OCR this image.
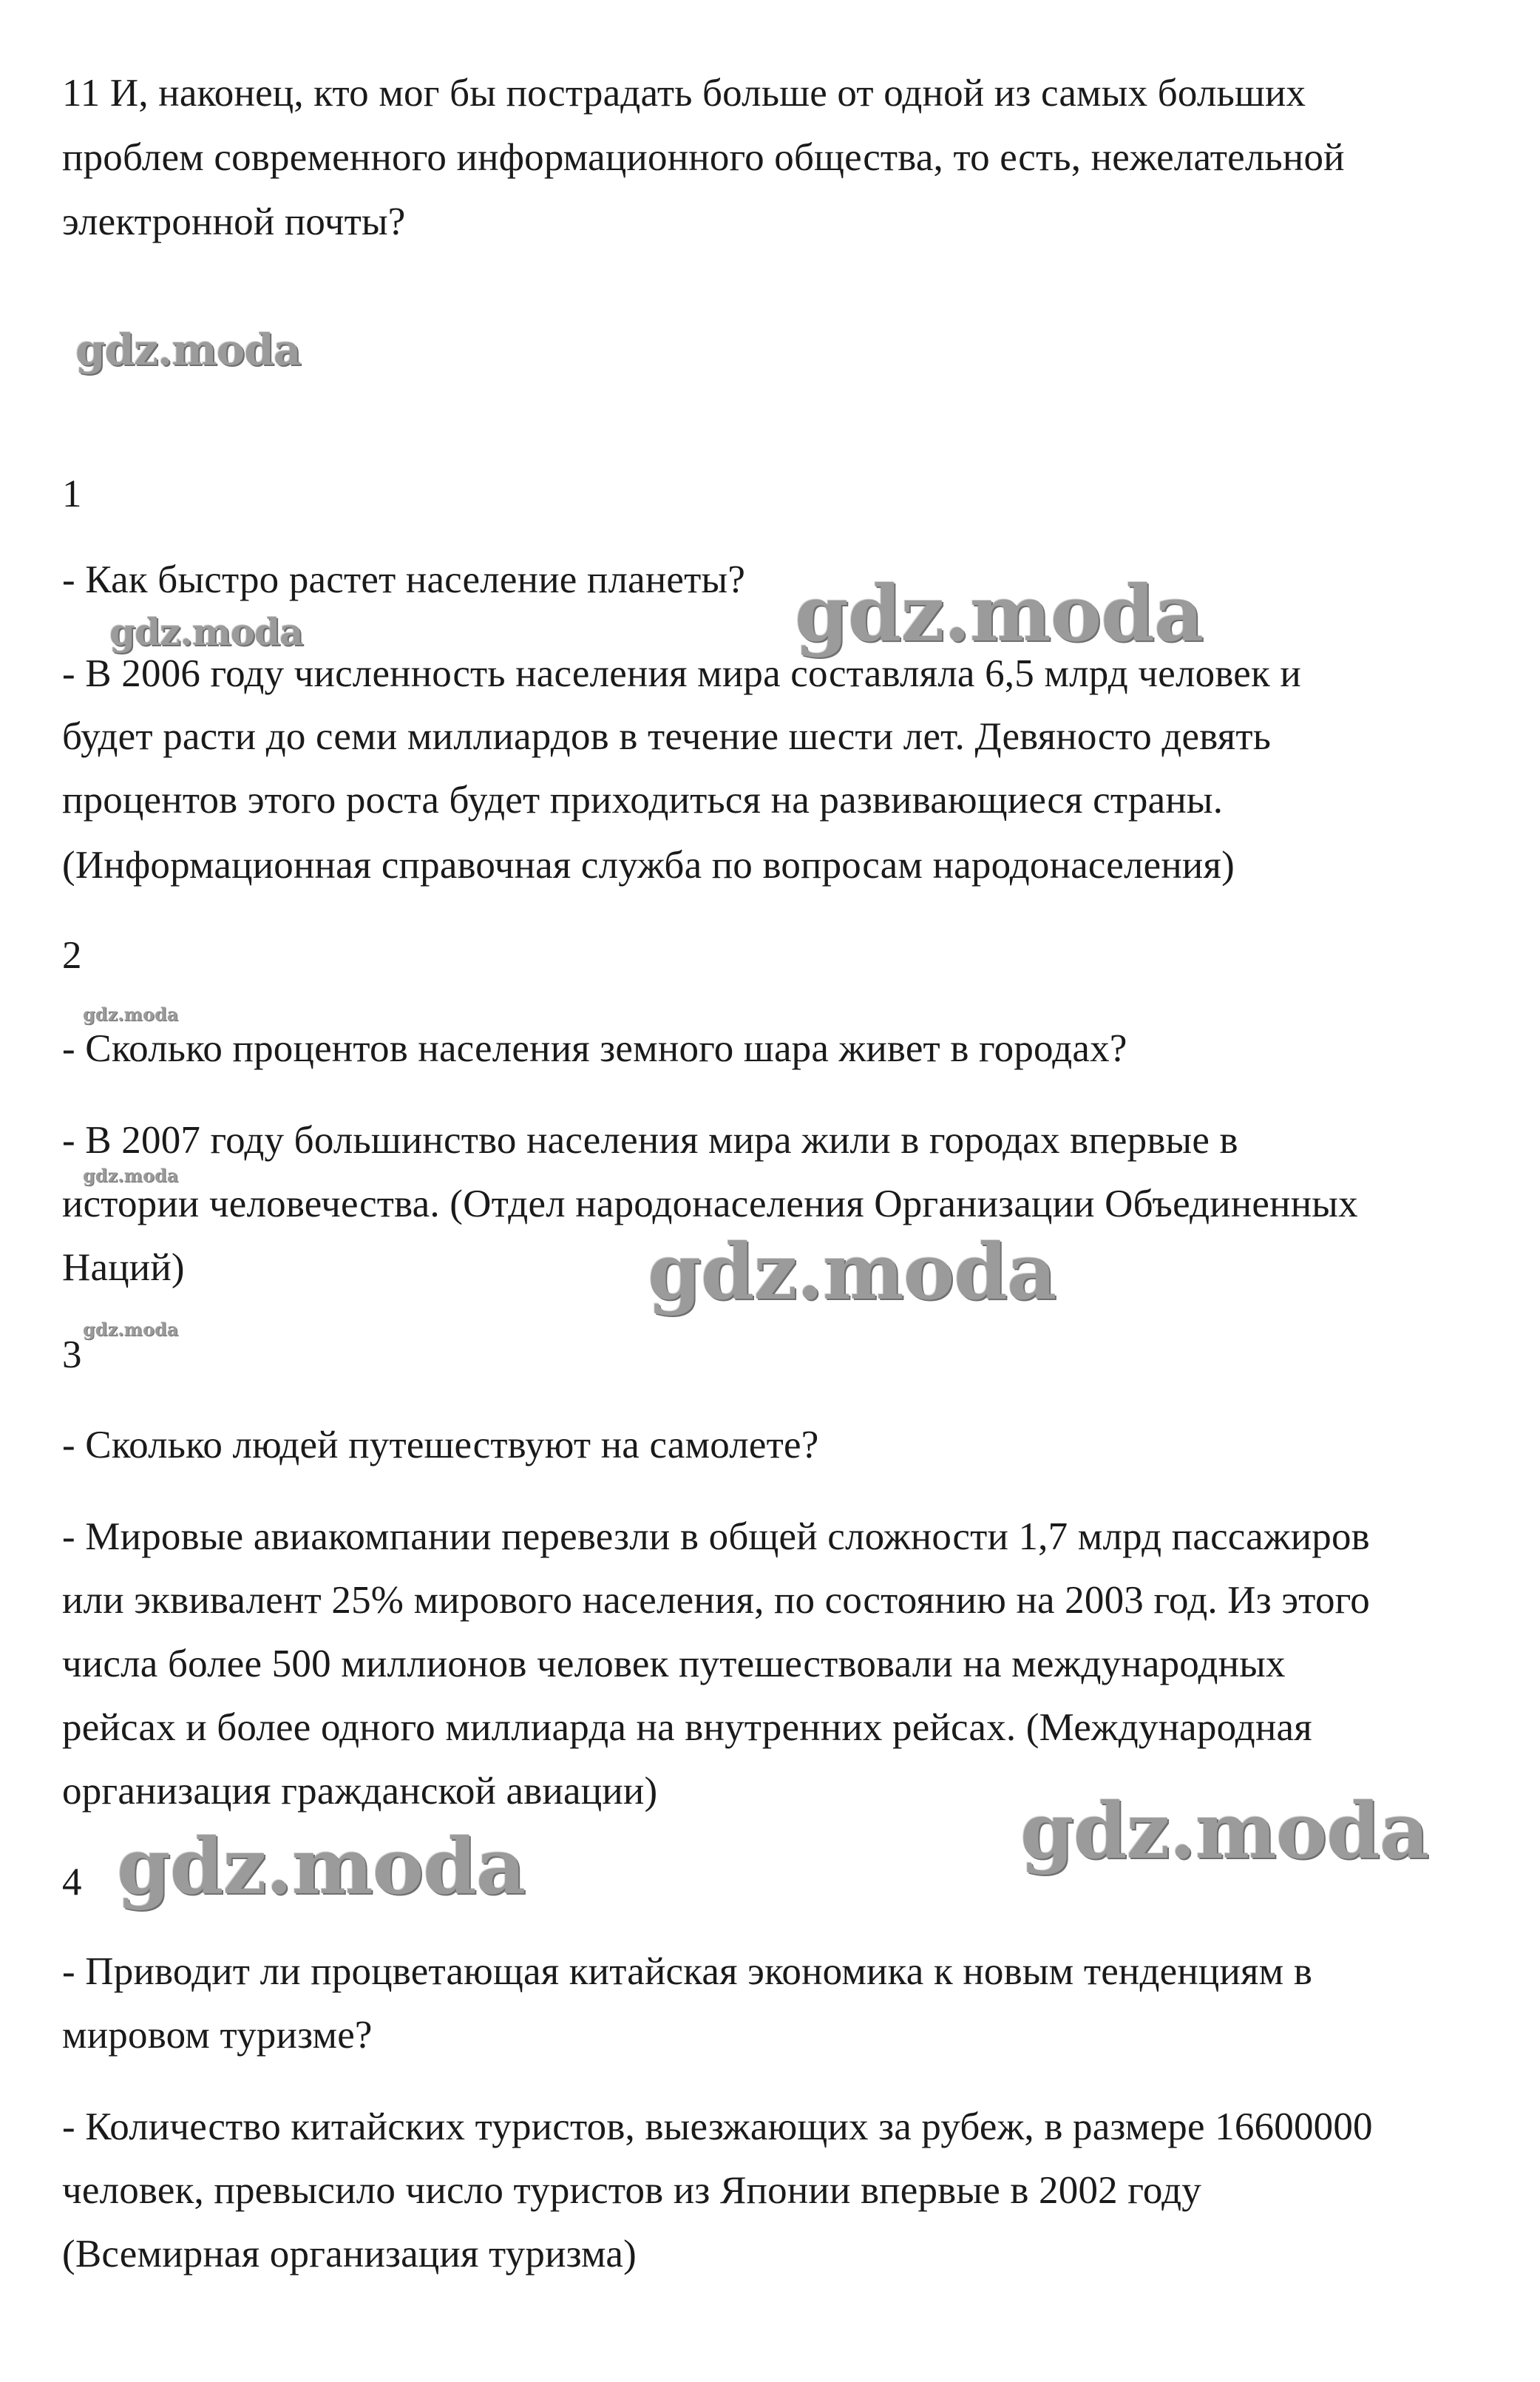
11 И, наконец, кто мог бы пострадать больше от одной из самых больших
проблем современного информационного общества, то есть, нежелательной
электронной почты?
1
- Как быстро растет население планеты?
- В 2006 году численность населения мира составляла 6,5 млрд человек и
будет расти до семи миллиардов в течение шести лет. Девяносто девять
процентов этого роста будет приходиться на развивающиеся страны.
(Информационная справочная служба по вопросам народонаселения)
2
- Сколько процентов населения земного шара живет в городах?
- В 2007 году большинство населения мира жили в городах впервые в
истории человечества. (Отдел народонаселения Организации Объединенных
Наций)
3
- Сколько людей путешествуют на самолете?
- Мировые авиакомпании перевезли в общей сложности 1,7 млрд пассажиров
или эквивалент 25% мирового населения, по состоянию на 2003 год. Из этого
числа более 500 миллионов человек путешествовали на международных
рейсах и более одного миллиарда на внутренних рейсах. (Международная
организация гражданской авиации)
4
- Приводит ли процветающая китайская экономика к новым тенденциям в
мировом туризме?
- Количество китайских туристов, выезжающих за рубеж, в размере 16600000
человек, превысило число туристов из Японии впервые в 2002 году
(Всемирная организация туризма)
gdz.moda
gdz.moda
gdz.moda
gdz.moda
gdz.moda
gdz.moda
gdz.moda
gdz.moda
gdz.moda
